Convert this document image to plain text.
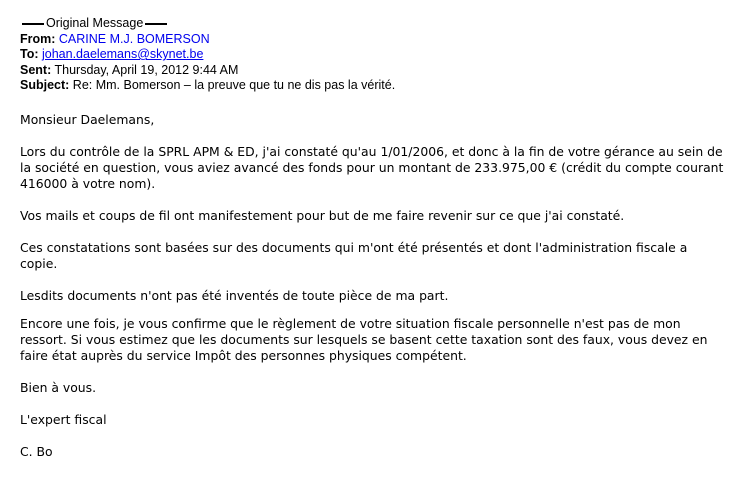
Original Message
From: CARINE M.J. BOMERSON
To: johan.daelemans@skynet.be
Sent: Thursday, April 19, 2012 9:44 AM
Subject: Re: Mm. Bomerson – la preuve que tu ne dis pas la vérité.

Monsieur Daelemans,

Lors du contrôle de la SPRL APM & ED, j'ai constaté qu'au 1/01/2006, et donc à la fin de votre gérance au sein de la société en question, vous aviez avancé des fonds pour un montant de 233.975,00 € (crédit du compte courant 416000 à votre nom).

Vos mails et coups de fil ont manifestement pour but de me faire revenir sur ce que j'ai constaté.

Ces constatations sont basées sur des documents qui m'ont été présentés et dont l'administration fiscale a copie.

Lesdits documents n'ont pas été inventés de toute pièce de ma part.

Encore une fois, je vous confirme que le règlement de votre situation fiscale personnelle n'est pas de mon ressort. Si vous estimez que les documents sur lesquels se basent cette taxation sont des faux, vous devez en faire état auprès du service Impôt des personnes physiques compétent.

Bien à vous.

L'expert fiscal

C. Bo
